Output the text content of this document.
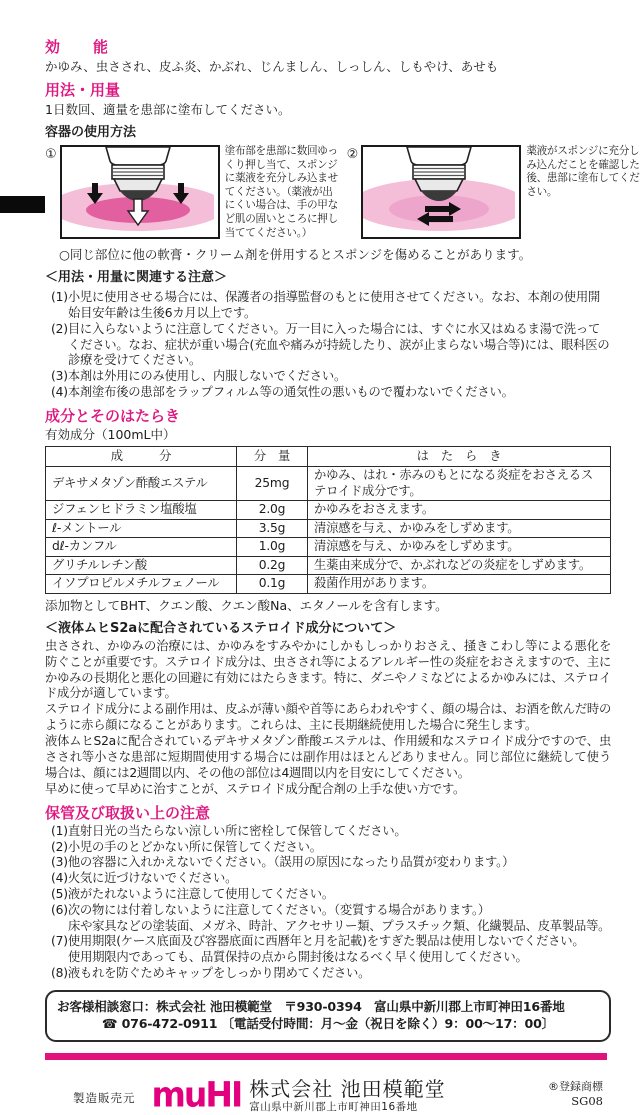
効　　能
かゆみ、虫さされ、皮ふ炎、かぶれ、じんましん、しっしん、しもやけ、あせも
用法・用量
1日数回、適量を患部に塗布してください。
容器の使用方法
①	塗布部を患部に数回ゆっくり押し当て、スポンジに薬液を充分しみ込ませてください。（薬液が出にくい場合は、手の甲など肌の固いところに押し当ててください。）
②	薬液がスポンジに充分しみ込んだことを確認した後、患部に塗布してください。
○同じ部位に他の軟膏・クリーム剤を併用するとスポンジを傷めることがあります。
＜用法・用量に関連する注意＞
(1)小児に使用させる場合には、保護者の指導監督のもとに使用させてください。なお、本剤の使用開始目安年齢は生後6カ月以上です。
(2)目に入らないように注意してください。万一目に入った場合には、すぐに水又はぬるま湯で洗ってください。なお、症状が重い場合(充血や痛みが持続したり、涙が止まらない場合等)には、眼科医の診療を受けてください。
(3)本剤は外用にのみ使用し、内服しないでください。
(4)本剤塗布後の患部をラップフィルム等の通気性の悪いもので覆わないでください。
成分とそのはたらき
有効成分（100mL中）
成　　　分	分　量	は　た　ら　き
デキサメタゾン酢酸エステル	25mg	かゆみ、はれ・赤みのもとになる炎症をおさえるステロイド成分です。
ジフェンヒドラミン塩酸塩	2.0g	かゆみをおさえます。
ℓ-メントール	3.5g	清涼感を与え、かゆみをしずめます。
dℓ-カンフル	1.0g	清涼感を与え、かゆみをしずめます。
グリチルレチン酸	0.2g	生薬由来成分で、かぶれなどの炎症をしずめます。
イソプロピルメチルフェノール	0.1g	殺菌作用があります。
添加物としてBHT、クエン酸、クエン酸Na、エタノールを含有します。
＜液体ムヒS2aに配合されているステロイド成分について＞
虫さされ、かゆみの治療には、かゆみをすみやかにしかもしっかりおさえ、掻きこわし等による悪化を防ぐことが重要です。ステロイド成分は、虫さされ等によるアレルギー性の炎症をおさえますので、主にかゆみの長期化と悪化の回避に有効にはたらきます。特に、ダニやノミなどによるかゆみには、ステロイド成分が適しています。
ステロイド成分による副作用は、皮ふが薄い顔や首等にあらわれやすく、顔の場合は、お酒を飲んだ時のように赤ら顔になることがあります。これらは、主に長期継続使用した場合に発生します。
液体ムヒS2aに配合されているデキサメタゾン酢酸エステルは、作用緩和なステロイド成分ですので、虫さされ等小さな患部に短期間使用する場合には副作用はほとんどありません。同じ部位に継続して使う場合は、顔には2週間以内、その他の部位は4週間以内を目安にしてください。
早めに使って早めに治すことが、ステロイド成分配合剤の上手な使い方です。
保管及び取扱い上の注意
(1)直射日光の当たらない涼しい所に密栓して保管してください。
(2)小児の手のとどかない所に保管してください。
(3)他の容器に入れかえないでください。（誤用の原因になったり品質が変わります。）
(4)火気に近づけないでください。
(5)液がたれないように注意して使用してください。
(6)次の物には付着しないように注意してください。（変質する場合があります。）
床や家具などの塗装面、メガネ、時計、アクセサリー類、プラスチック類、化繊製品、皮革製品等。
(7)使用期限(ケース底面及び容器底面に西暦年と月を記載)をすぎた製品は使用しないでください。
使用期限内であっても、品質保持の点から開封後はなるべく早く使用してください。
(8)液もれを防ぐためキャップをしっかり閉めてください。
お客様相談窓口：株式会社 池田模範堂　〒930-0394　富山県中新川郡上市町神田16番地
☎ 076-472-0911 〔電話受付時間：月～金（祝日を除く）9：00～17：00〕
製造販売元 muHI 株式会社 池田模範堂
富山県中新川郡上市町神田16番地
®登録商標
SG08
